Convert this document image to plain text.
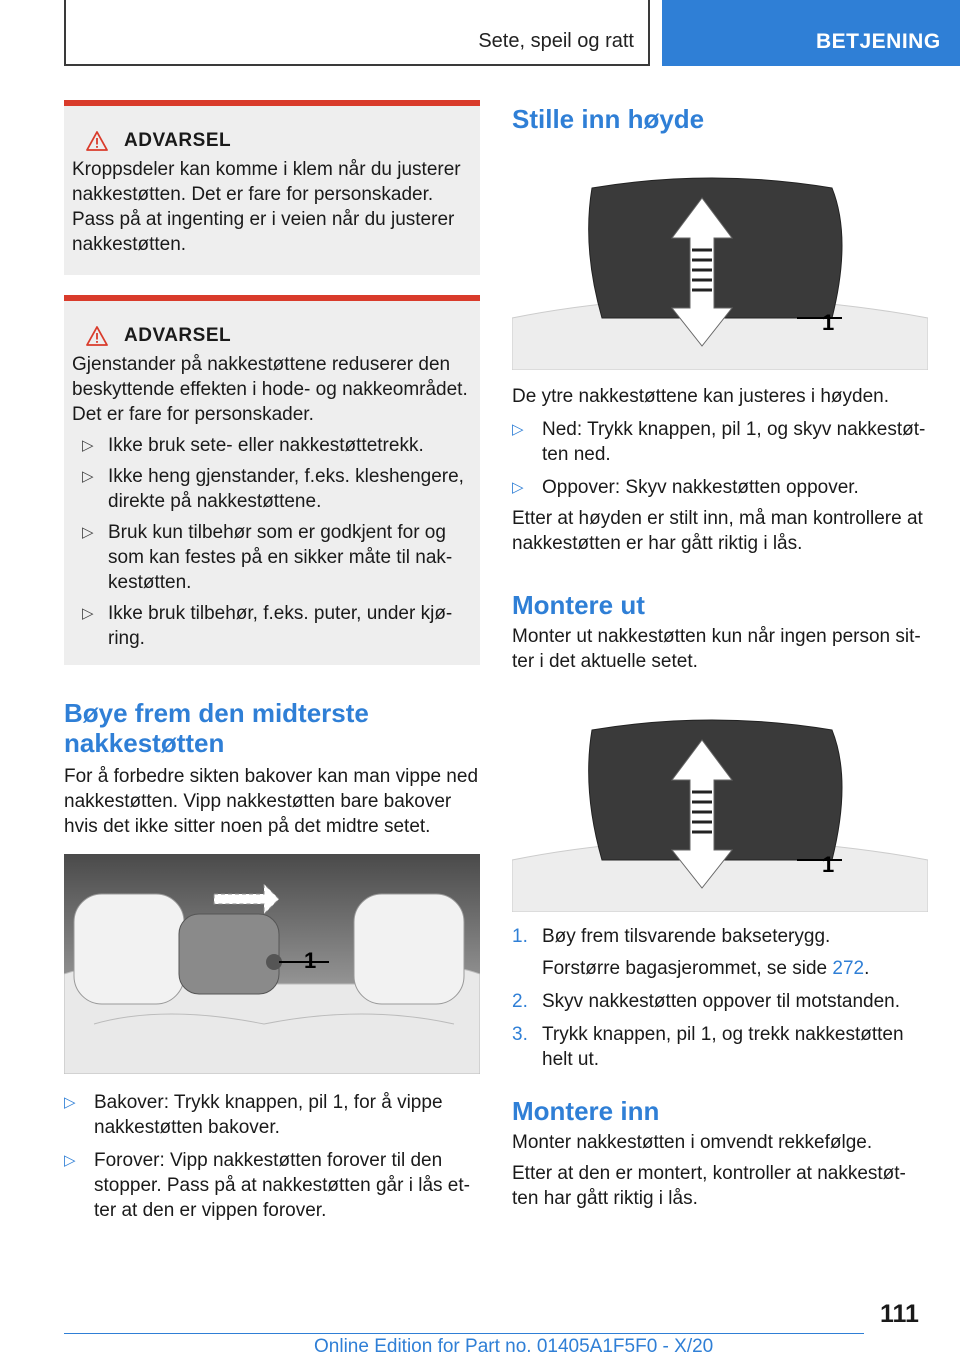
Sete, speil og ratt	BETJENING
ADVARSEL

Kroppsdeler kan komme i klem når du justerer nakkestøtten. Det er fare for personskader. Pass på at ingenting er i veien når du justerer nakkestøtten.

ADVARSEL

Gjenstander på nakkestøttene reduserer den beskyttende effekten i hode- og nakkeområdet. Det er fare for personskader.

▷ Ikke bruk sete- eller nakkestøttetrekk.
▷ Ikke heng gjenstander, f.eks. kleshengere, direkte på nakkestøttene.
▷ Bruk kun tilbehør som er godkjent for og som kan festes på en sikker måte til nak-kestøtten.
▷ Ikke bruk tilbehør, f.eks. puter, under kjø-ring.
Bøye frem den midterste nakkestøtten

For å forbedre sikten bakover kan man vippe ned nakkestøtten. Vipp nakkestøtten bare bakover hvis det ikke sitter noen på det midtre setet.

1
▷ Bakover: Trykk knappen, pil 1, for å vippe nakkestøtten bakover.
▷ Forover: Vipp nakkestøtten forover til den stopper. Pass på at nakkestøtten går i lås et-ter at den er vippen forover.
Stille inn høyde
1

De ytre nakkestøttene kan justeres i høyden.

▷ Ned: Trykk knappen, pil 1, og skyv nakkestøt-ten ned.
▷ Oppover: Skyv nakkestøtten oppover.

Etter at høyden er stilt inn, må man kontrollere at nakkestøtten er har gått riktig i lås.

Montere ut

Monter ut nakkestøtten kun når ingen person sit-ter i det aktuelle setet.

1
1. Bøy frem tilsvarende bakseterygg.
Forstørre bagasjerommet, se side 272.
2. Skyv nakkestøtten oppover til motstanden.
3. Trykk knappen, pil 1, og trekk nakkestøtten helt ut.
Montere inn

Monter nakkestøtten i omvendt rekkefølge.

Etter at den er montert, kontroller at nakkestøt-ten har gått riktig i lås.

111
Online Edition for Part no. 01405A1F5F0 - X/20
